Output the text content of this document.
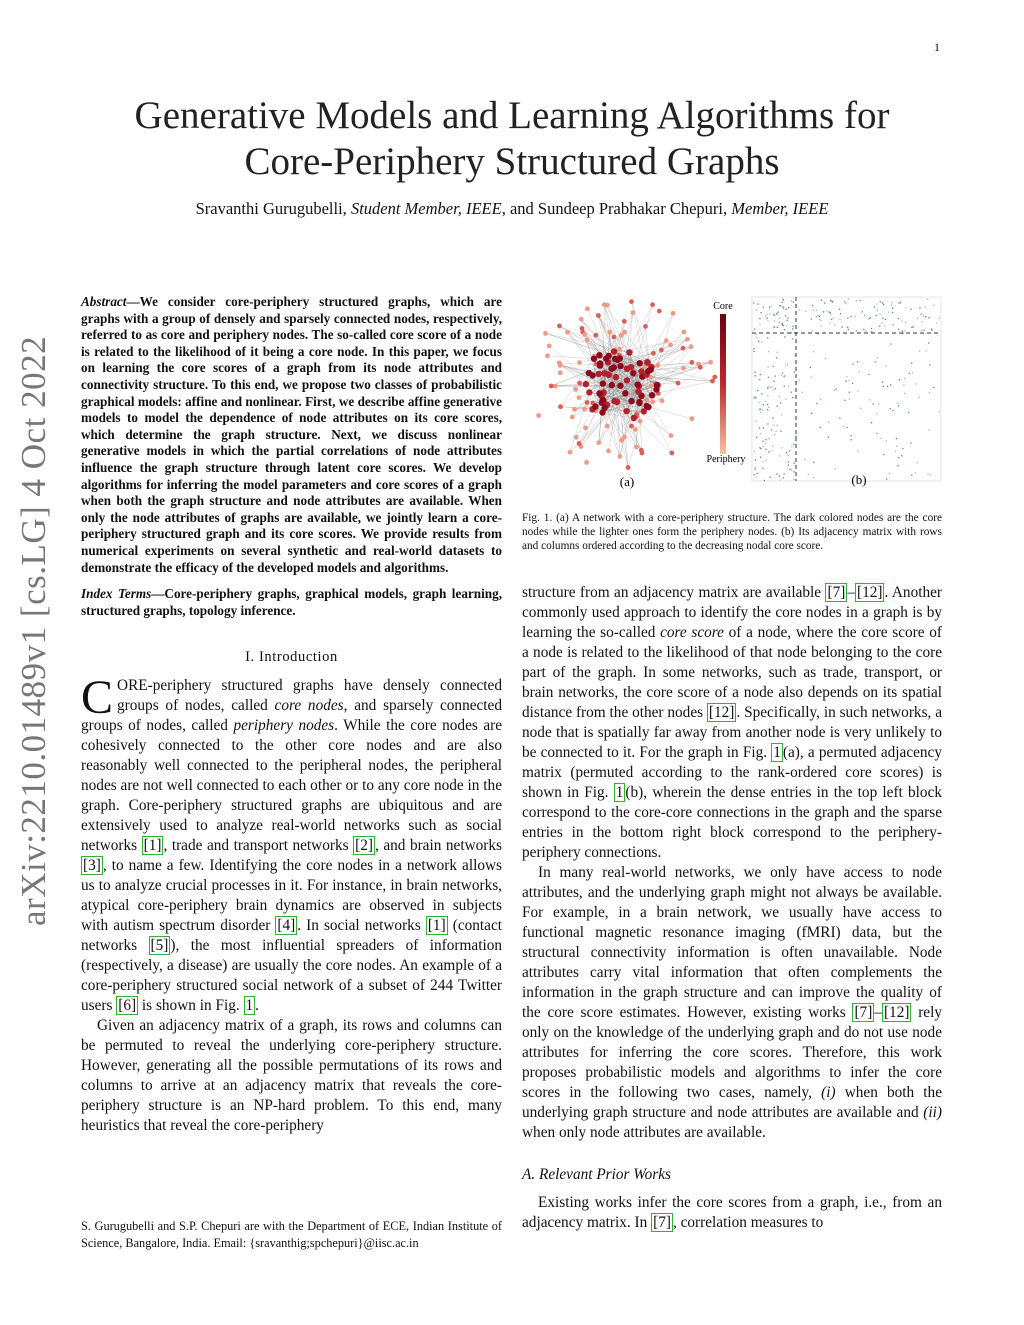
1
Generative Models and Learning Algorithms for
Core-Periphery Structured Graphs
Sravanthi Gurugubelli, Student Member, IEEE, and Sundeep Prabhakar Chepuri, Member, IEEE
arXiv:2210.01489v1 [cs.LG] 4 Oct 2022

Abstract—We consider core-periphery structured graphs, which are graphs with a group of densely and sparsely connected nodes, respectively, referred to as core and periphery nodes. The so-called core score of a node is related to the likelihood of it being a core node. In this paper, we focus on learning the core scores of a graph from its node attributes and connectivity structure. To this end, we propose two classes of probabilistic graphical models: affine and nonlinear. First, we describe affine generative models to model the dependence of node attributes on its core scores, which determine the graph structure. Next, we discuss nonlinear generative models in which the partial correlations of node attributes influence the graph structure through latent core scores. We develop algorithms for inferring the model parameters and core scores of a graph when both the graph structure and node attributes are available. When only the node attributes of graphs are available, we jointly learn a core-periphery structured graph and its core scores. We provide results from numerical experiments on several synthetic and real-world datasets to demonstrate the efficacy of the developed models and algorithms.

Index Terms—Core-periphery graphs, graphical models, graph learning, structured graphs, topology inference.

I. Introduction

CORE-periphery structured graphs have densely connected groups of nodes, called core nodes, and sparsely connected groups of nodes, called periphery nodes. While the core nodes are cohesively connected to the other core nodes and are also reasonably well connected to the peripheral nodes, the peripheral nodes are not well connected to each other or to any core node in the graph. Core-periphery structured graphs are ubiquitous and are extensively used to analyze real-world networks such as social networks [1] , trade and transport networks [2] , and brain networks [3] , to name a few. Identifying the core nodes in a network allows us to analyze crucial processes in it. For instance, in brain networks, atypical core-periphery brain dynamics are observed in subjects with autism spectrum disorder [4] . In social networks [1] (contact networks [5] ), the most influential spreaders of information (respectively, a disease) are usually the core nodes. An example of a core-periphery structured social network of a subset of 244 Twitter users [6] is shown in Fig. 1 .

Given an adjacency matrix of a graph, its rows and columns can be permuted to reveal the underlying core-periphery structure. However, generating all the possible permutations of its rows and columns to arrive at an adjacency matrix that reveals the core-periphery structure is an NP-hard problem. To this end, many heuristics that reveal the core-periphery

S. Gurugubelli and S.P. Chepuri are with the Department of ECE, Indian Institute of Science, Bangalore, India. Email: {sravanthig;spchepuri}@iisc.ac.in
Core
Periphery
(a)	(b)
Fig. 1. (a) A network with a core-periphery structure. The dark colored nodes are the core nodes while the lighter ones form the periphery nodes. (b) Its adjacency matrix with rows and columns ordered according to the decreasing nodal core score.

structure from an adjacency matrix are available [7] – [12] . Another commonly used approach to identify the core nodes in a graph is by learning the so-called core score of a node, where the core score of a node is related to the likelihood of that node belonging to the core part of the graph. In some networks, such as trade, transport, or brain networks, the core score of a node also depends on its spatial distance from the other nodes [12] . Specifically, in such networks, a node that is spatially far away from another node is very unlikely to be connected to it. For the graph in Fig. 1 (a), a permuted adjacency matrix (permuted according to the rank-ordered core scores) is shown in Fig. 1 (b), wherein the dense entries in the top left block correspond to the core-core connections in the graph and the sparse entries in the bottom right block correspond to the periphery-periphery connections.

In many real-world networks, we only have access to node attributes, and the underlying graph might not always be available. For example, in a brain network, we usually have access to functional magnetic resonance imaging (fMRI) data, but the structural connectivity information is often unavailable. Node attributes carry vital information that often complements the information in the graph structure and can improve the quality of the core score estimates. However, existing works [7] – [12] rely only on the knowledge of the underlying graph and do not use node attributes for inferring the core scores. Therefore, this work proposes probabilistic models and algorithms to infer the core scores in the following two cases, namely, (i) when both the underlying graph structure and node attributes are available and (ii) when only node attributes are available.

A. Relevant Prior Works

Existing works infer the core scores from a graph, i.e., from an adjacency matrix. In [7] , correlation measures to
